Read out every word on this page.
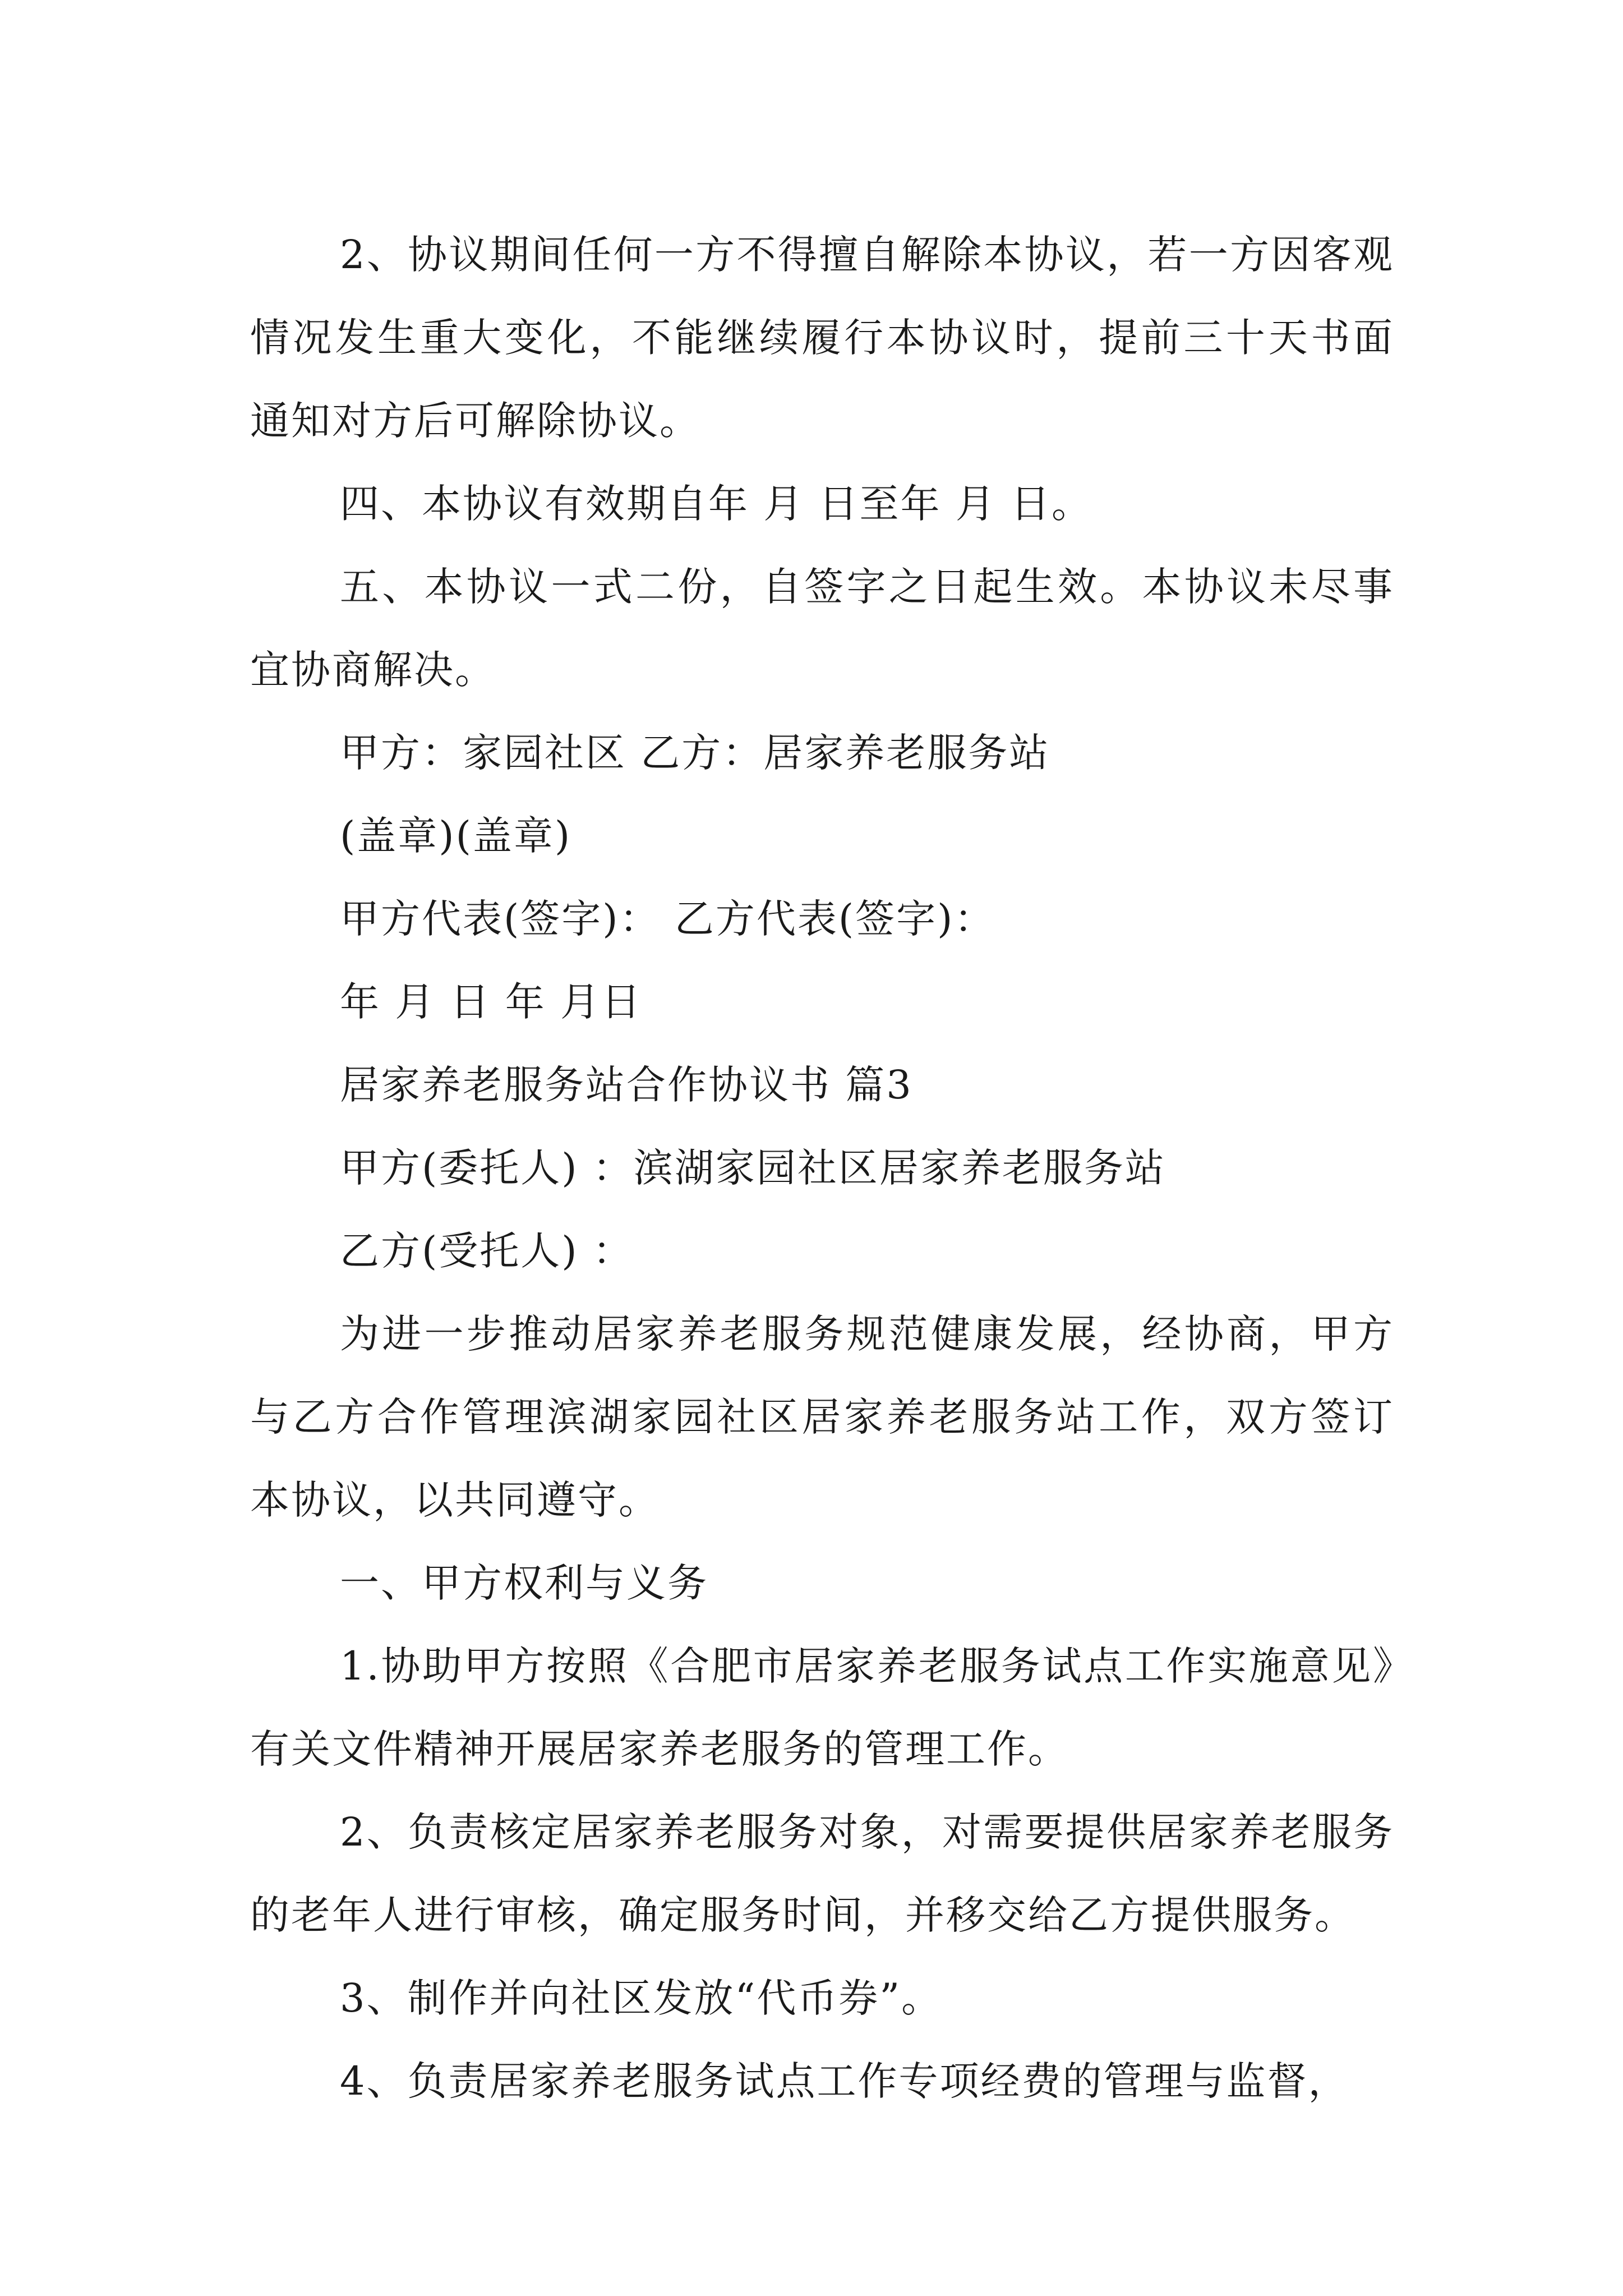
2、协议期间任何一方不得擅自解除本协议，若一方因客观情况发生重大变化，不能继续履行本协议时，提前三十天书面通知对方后可解除协议。

四、本协议有效期自年 月 日至年 月 日。

五、本协议一式二份，自签字之日起生效。本协议未尽事宜协商解决。

甲方：家园社区 乙方：居家养老服务站

(盖章)(盖章)

甲方代表(签字)： 乙方代表(签字)：

年 月 日 年 月日

居家养老服务站合作协议书 篇3

甲方(委托人) ：滨湖家园社区居家养老服务站

乙方(受托人) ：

为进一步推动居家养老服务规范健康发展，经协商，甲方与乙方合作管理滨湖家园社区居家养老服务站工作，双方签订本协议，以共同遵守。

一、甲方权利与义务

1.协助甲方按照《合肥市居家养老服务试点工作实施意见》有关文件精神开展居家养老服务的管理工作。

2、负责核定居家养老服务对象，对需要提供居家养老服务的老年人进行审核，确定服务时间，并移交给乙方提供服务。

3、制作并向社区发放“代币券”。

4、负责居家养老服务试点工作专项经费的管理与监督，
